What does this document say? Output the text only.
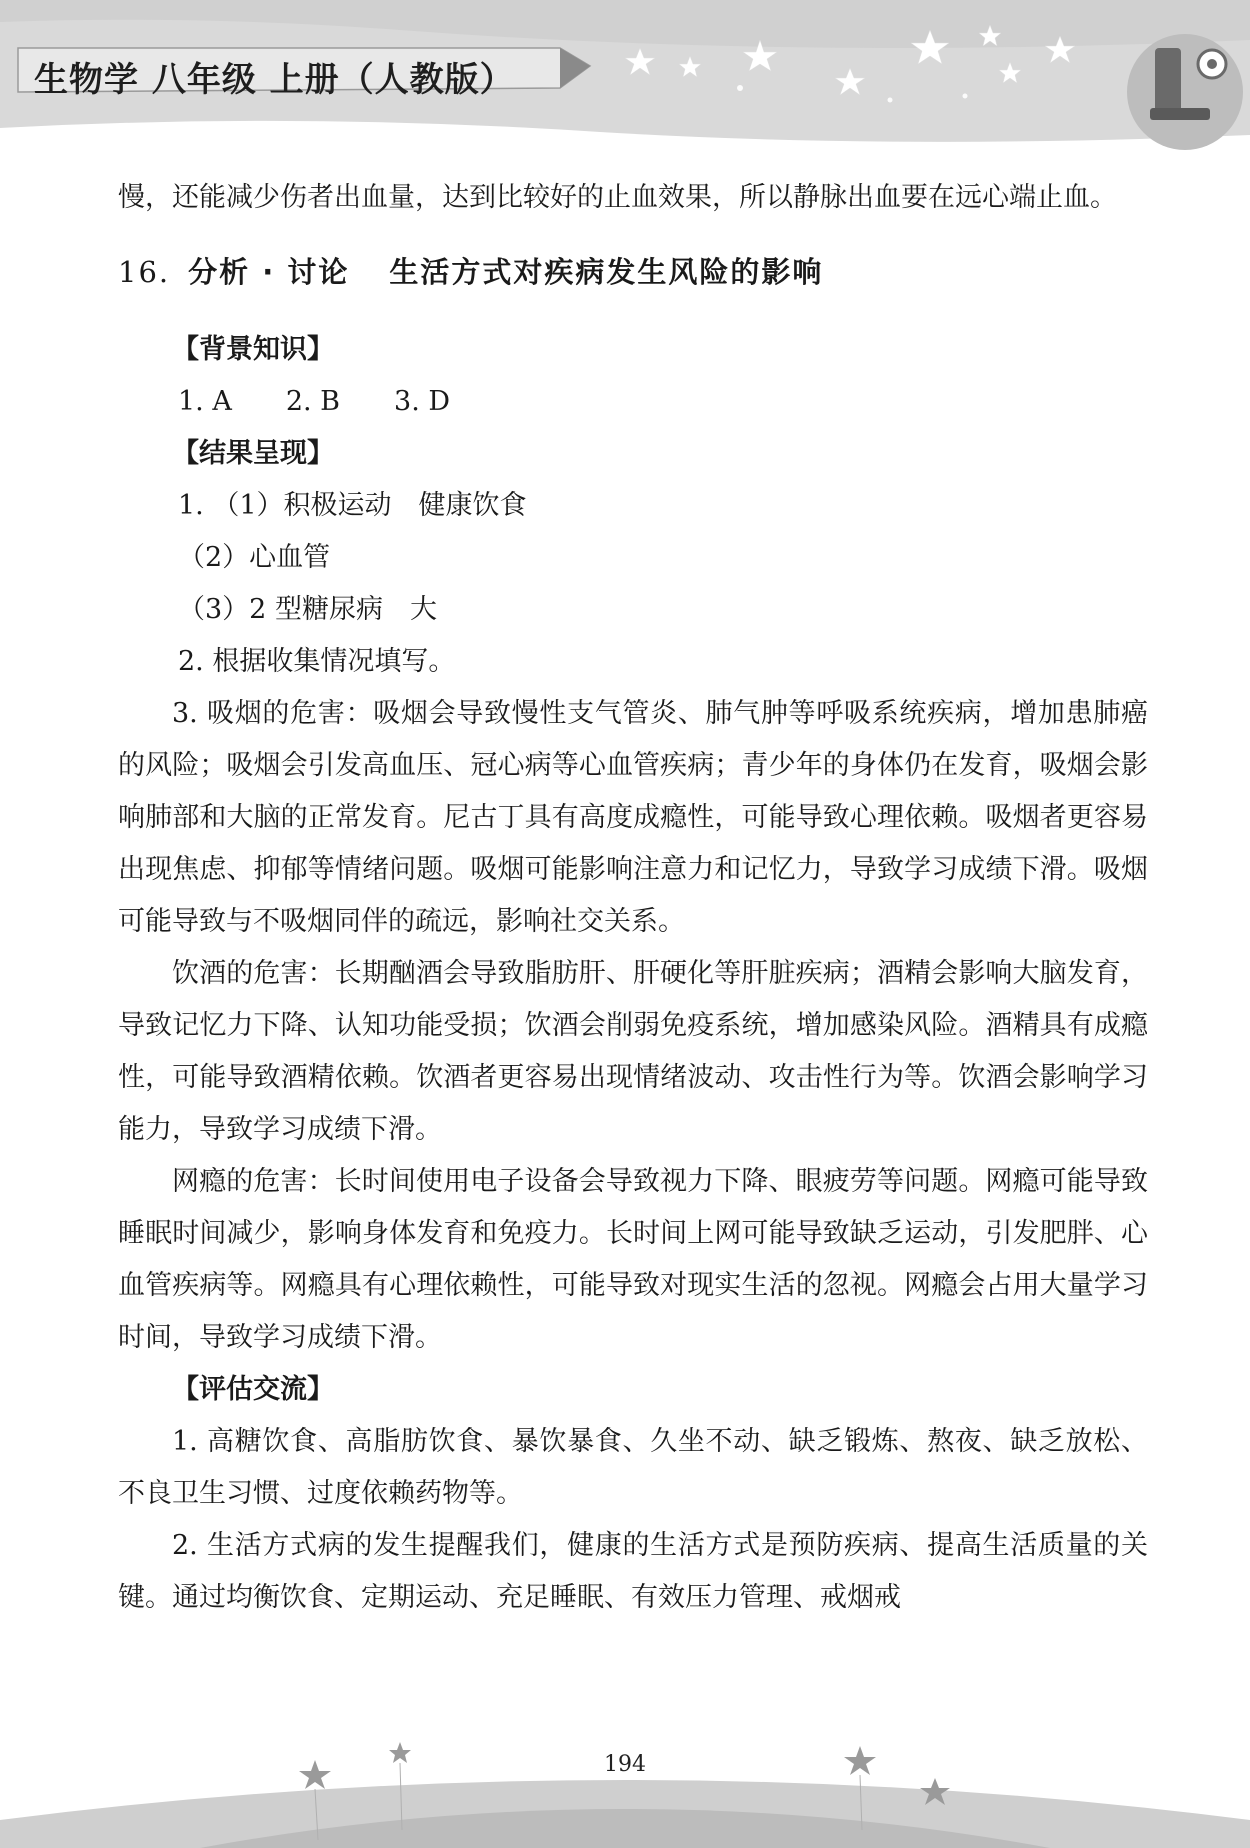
生物学 八年级 上册（人教版）

慢，还能减少伤者出血量，达到比较好的止血效果，所以静脉出血要在远心端止血。

16. 分析 · 讨论 生活方式对疾病发生风险的影响

【背景知识】

1. A 2. B 3. D

【结果呈现】

1. （1）积极运动　健康饮食

（2）心血管

（3）2 型糖尿病　大

2. 根据收集情况填写。

3. 吸烟的危害：吸烟会导致慢性支气管炎、肺气肿等呼吸系统疾病，增加患肺癌的风险；吸烟会引发高血压、冠心病等心血管疾病；青少年的身体仍在发育，吸烟会影响肺部和大脑的正常发育。尼古丁具有高度成瘾性，可能导致心理依赖。吸烟者更容易出现焦虑、抑郁等情绪问题。吸烟可能影响注意力和记忆力，导致学习成绩下滑。吸烟可能导致与不吸烟同伴的疏远，影响社交关系。

饮酒的危害：长期酗酒会导致脂肪肝、肝硬化等肝脏疾病；酒精会影响大脑发育，导致记忆力下降、认知功能受损；饮酒会削弱免疫系统，增加感染风险。酒精具有成瘾性，可能导致酒精依赖。饮酒者更容易出现情绪波动、攻击性行为等。饮酒会影响学习能力，导致学习成绩下滑。

网瘾的危害：长时间使用电子设备会导致视力下降、眼疲劳等问题。网瘾可能导致睡眠时间减少，影响身体发育和免疫力。长时间上网可能导致缺乏运动，引发肥胖、心血管疾病等。网瘾具有心理依赖性，可能导致对现实生活的忽视。网瘾会占用大量学习时间，导致学习成绩下滑。

【评估交流】

1. 高糖饮食、高脂肪饮食、暴饮暴食、久坐不动、缺乏锻炼、熬夜、缺乏放松、不良卫生习惯、过度依赖药物等。

2. 生活方式病的发生提醒我们，健康的生活方式是预防疾病、提高生活质量的关键。通过均衡饮食、定期运动、充足睡眠、有效压力管理、戒烟戒

194
